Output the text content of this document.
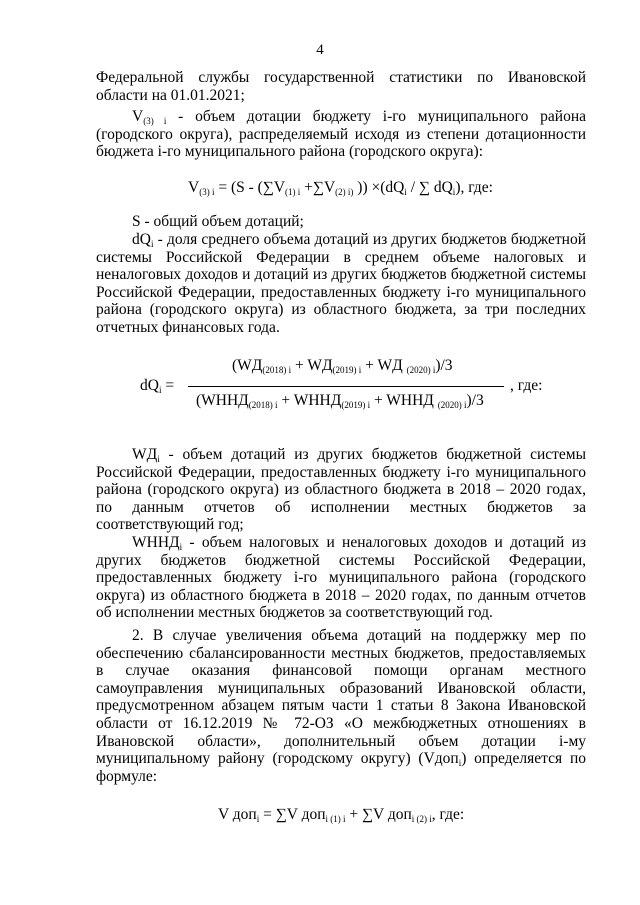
4
Федеральной службы государственной статистики по Ивановской области на 01.01.2021;
$V_{(3) i}$ - объем дотации бюджету i-го муниципального района (городского округа), распределяемый исходя из степени дотационности бюджета i-го муниципального района (городского округа):
$V_{(3) i} = (S - (\sum V_{(1) i} +\sum V_{(2) i)}$ )) $\times(dQ_i$ / ∑ $dQ_i$), где:
S - общий объем дотаций;
$dQ_i$ - доля среднего объема дотаций из других бюджетов бюджетной системы Российской Федерации в среднем объеме налоговых и неналоговых доходов и дотаций из других бюджетов бюджетной системы Российской Федерации, предоставленных бюджету i-го муниципального района (городского округа) из областного бюджета, за три последних отчетных финансовых года.
$dQ_i$ =
($WД_{(2018) i} + WД_{(2019) i}$ + WД $_{(2020) i}$)/3
, где:
($WННД_{(2018) i}$ + $WННД_{(2019) i}$ + WННД $_{(2020) i}$)/3
$WД_i$ - объем дотаций из других бюджетов бюджетной системы Российской Федерации, предоставленных бюджету i-го муниципального района (городского округа) из областного бюджета в 2018 – 2020 годах, по данным отчетов об исполнении местных бюджетов за соответствующий год;
$WННД_i$ - объем налоговых и неналоговых доходов и дотаций из других бюджетов бюджетной системы Российской Федерации, предоставленных бюджету i-го муниципального района (городского округа) из областного бюджета в 2018 – 2020 годах, по данным отчетов об исполнении местных бюджетов за соответствующий год.
2. В случае увеличения объема дотаций на поддержку мер по обеспечению сбалансированности местных бюджетов, предоставляемых в случае оказания финансовой помощи органам местного самоуправления муниципальных образований Ивановской области, предусмотренном абзацем пятым части 1 статьи 8 Закона Ивановской области от 16.12.2019 № 72-ОЗ «О межбюджетных отношениях в Ивановской области», дополнительный объем дотации i-му муниципальному району (городскому округу) (Vдоп$_i$) определяется по формуле:
V доп$_i$ = ∑V доп$_{i (1) i}$ + ∑V доп$_{i (2) i}$, где:
